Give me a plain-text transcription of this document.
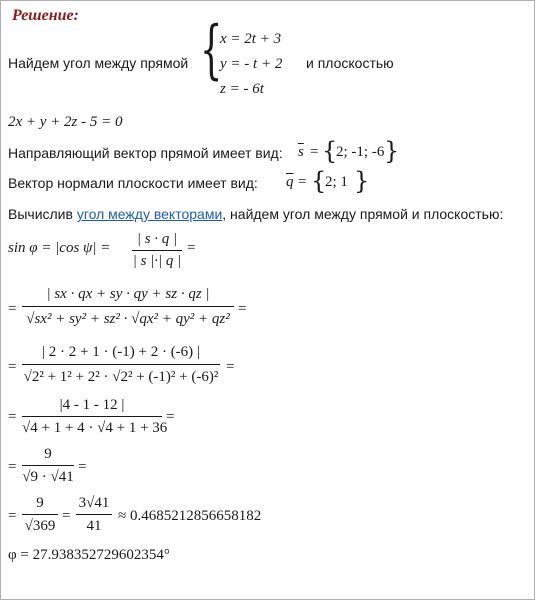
Решение:
Найдем угол между прямой {
x = 2t + 3
y = - t + 2
z = - 6t
и плоскостью
2x + y + 2z - 5 = 0
Направляющий вектор прямой имеет вид: $\overline{s}$ = {
2; -1; -6 }
Вектор нормали плоскости имеет вид: $\overline{q}$ = {
2; 1 }
Вычислив угол между векторами, найдем угол между прямой и плоскостью:
sin φ = |cos ψ| =
| s · q |
| s |·| q |
=
=
| sx · qx + sy · qy + sz · qz |
√sx² + sy² + sz² · √qx² + qy² + qz²
=
=
| 2 · 2 + 1 · (-1) + 2 · (-6) |
√2² + 1² + 2² · √2² + (-1)² + (-6)²
=
=
|4 - 1 - 12 |
√4 + 1 + 4 · √4 + 1 + 36
=
=
9
√9 · √41
=
=
9
√369
=
3√41
41
≈ 0.4685212856658182
φ = 27.938352729602354°
